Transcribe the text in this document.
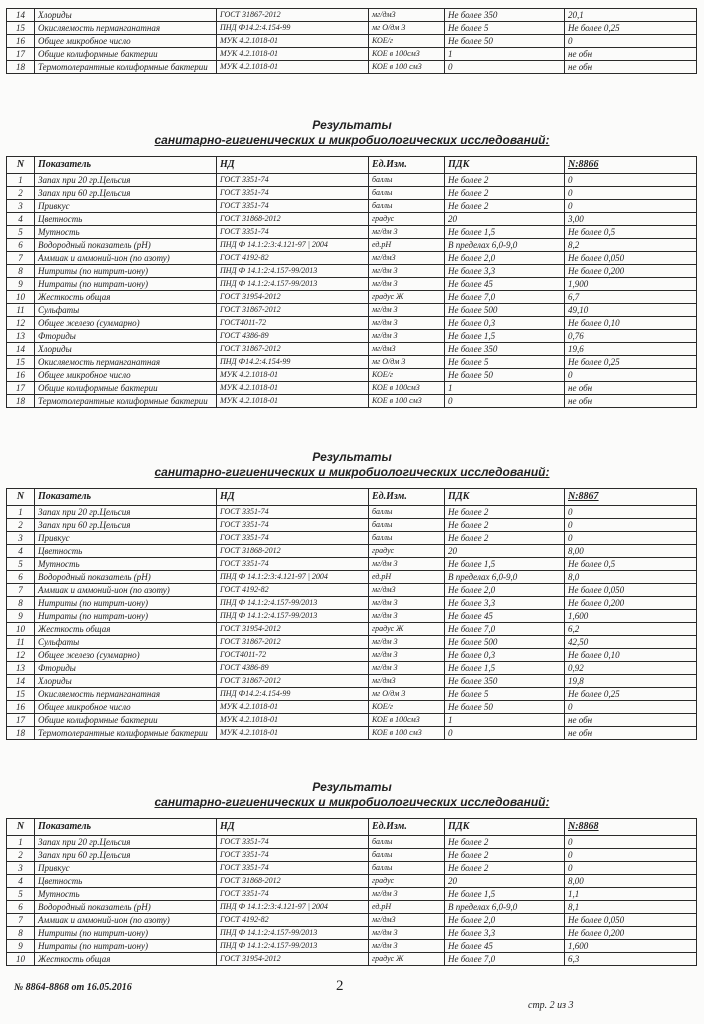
14	Хлориды	ГОСТ 31867-2012	мг/дм3	Не более 350	20,1
15	Окисляемость перманганатная	ПНД Ф14.2:4.154-99	мг О/дм 3	Не более 5	Не более 0,25
16	Общее микробное число	МУК 4.2.1018-01	КОЕ/г	Не более 50	0
17	Общие колиформные бактерии	МУК 4.2.1018-01	КОЕ в 100см3	1	не обн
18	Термотолерантные колиформные бактерии	МУК 4.2.1018-01	КОЕ в 100 см3	0	не обн
Результаты
санитарно-гигиенических и микробиологических исследований:
N	Показатель	НД	Ед.Изм.	ПДК	N:8866
1	Запах при 20 гр.Цельсия	ГОСТ 3351-74	баллы	Не более 2	0
2	Запах при 60 гр.Цельсия	ГОСТ 3351-74	баллы	Не более 2	0
3	Привкус	ГОСТ 3351-74	баллы	Не более 2	0
4	Цветность	ГОСТ 31868-2012	градус	20	3,00
5	Мутность	ГОСТ 3351-74	мг/дм 3	Не более 1,5	Не более 0,5
6	Водородный показатель (рН)	ПНД Ф 14.1:2:3:4.121-97 | 2004	ед.рН	В пределах 6,0-9,0	8,2
7	Аммиак и аммоний-ион (по азоту)	ГОСТ 4192-82	мг/дм3	Не более 2,0	Не более 0,050
8	Нитриты (по нитрит-иону)	ПНД Ф 14.1:2:4.157-99/2013	мг/дм 3	Не более 3,3	Не более 0,200
9	Нитраты (по нитрат-иону)	ПНД Ф 14.1:2:4.157-99/2013	мг/дм 3	Не более 45	1,900
10	Жесткость общая	ГОСТ 31954-2012	градус Ж	Не более 7,0	6,7
11	Сульфаты	ГОСТ 31867-2012	мг/дм 3	Не более 500	49,10
12	Общее железо (суммарно)	ГОСТ4011-72	мг/дм 3	Не более 0,3	Не более 0,10
13	Фториды	ГОСТ 4386-89	мг/дм 3	Не более 1,5	0,76
14	Хлориды	ГОСТ 31867-2012	мг/дм3	Не более 350	19,6
15	Окисляемость перманганатная	ПНД Ф14.2:4.154-99	мг О/дм 3	Не более 5	Не более 0,25
16	Общее микробное число	МУК 4.2.1018-01	КОЕ/г	Не более 50	0
17	Общие колиформные бактерии	МУК 4.2.1018-01	КОЕ в 100см3	1	не обн
18	Термотолерантные колиформные бактерии	МУК 4.2.1018-01	КОЕ в 100 см3	0	не обн
Результаты
санитарно-гигиенических и микробиологических исследований:
N	Показатель	НД	Ед.Изм.	ПДК	N:8867
1	Запах при 20 гр.Цельсия	ГОСТ 3351-74	баллы	Не более 2	0
2	Запах при 60 гр.Цельсия	ГОСТ 3351-74	баллы	Не более 2	0
3	Привкус	ГОСТ 3351-74	баллы	Не более 2	0
4	Цветность	ГОСТ 31868-2012	градус	20	8,00
5	Мутность	ГОСТ 3351-74	мг/дм 3	Не более 1,5	Не более 0,5
6	Водородный показатель (рН)	ПНД Ф 14.1:2:3:4.121-97 | 2004	ед.рН	В пределах 6,0-9,0	8,0
7	Аммиак и аммоний-ион (по азоту)	ГОСТ 4192-82	мг/дм3	Не более 2,0	Не более 0,050
8	Нитриты (по нитрит-иону)	ПНД Ф 14.1:2:4.157-99/2013	мг/дм 3	Не более 3,3	Не более 0,200
9	Нитраты (по нитрат-иону)	ПНД Ф 14.1:2:4.157-99/2013	мг/дм 3	Не более 45	1,600
10	Жесткость общая	ГОСТ 31954-2012	градус Ж	Не более 7,0	6,2
11	Сульфаты	ГОСТ 31867-2012	мг/дм 3	Не более 500	42,50
12	Общее железо (суммарно)	ГОСТ4011-72	мг/дм 3	Не более 0,3	Не более 0,10
13	Фториды	ГОСТ 4386-89	мг/дм 3	Не более 1,5	0,92
14	Хлориды	ГОСТ 31867-2012	мг/дм3	Не более 350	19,8
15	Окисляемость перманганатная	ПНД Ф14.2:4.154-99	мг О/дм 3	Не более 5	Не более 0,25
16	Общее микробное число	МУК 4.2.1018-01	КОЕ/г	Не более 50	0
17	Общие колиформные бактерии	МУК 4.2.1018-01	КОЕ в 100см3	1	не обн
18	Термотолерантные колиформные бактерии	МУК 4.2.1018-01	КОЕ в 100 см3	0	не обн
Результаты
санитарно-гигиенических и микробиологических исследований:
N	Показатель	НД	Ед.Изм.	ПДК	N:8868
1	Запах при 20 гр.Цельсия	ГОСТ 3351-74	баллы	Не более 2	0
2	Запах при 60 гр.Цельсия	ГОСТ 3351-74	баллы	Не более 2	0
3	Привкус	ГОСТ 3351-74	баллы	Не более 2	0
4	Цветность	ГОСТ 31868-2012	градус	20	8,00
5	Мутность	ГОСТ 3351-74	мг/дм 3	Не более 1,5	1,1
6	Водородный показатель (рН)	ПНД Ф 14.1:2:3:4.121-97 | 2004	ед.рН	В пределах 6,0-9,0	8,1
7	Аммиак и аммоний-ион (по азоту)	ГОСТ 4192-82	мг/дм3	Не более 2,0	Не более 0,050
8	Нитриты (по нитрит-иону)	ПНД Ф 14.1:2:4.157-99/2013	мг/дм 3	Не более 3,3	Не более 0,200
9	Нитраты (по нитрат-иону)	ПНД Ф 14.1:2:4.157-99/2013	мг/дм 3	Не более 45	1,600
10	Жесткость общая	ГОСТ 31954-2012	градус Ж	Не более 7,0	6,3
№ 8864-8868 от 16.05.2016	2
стр. 2 из 3
